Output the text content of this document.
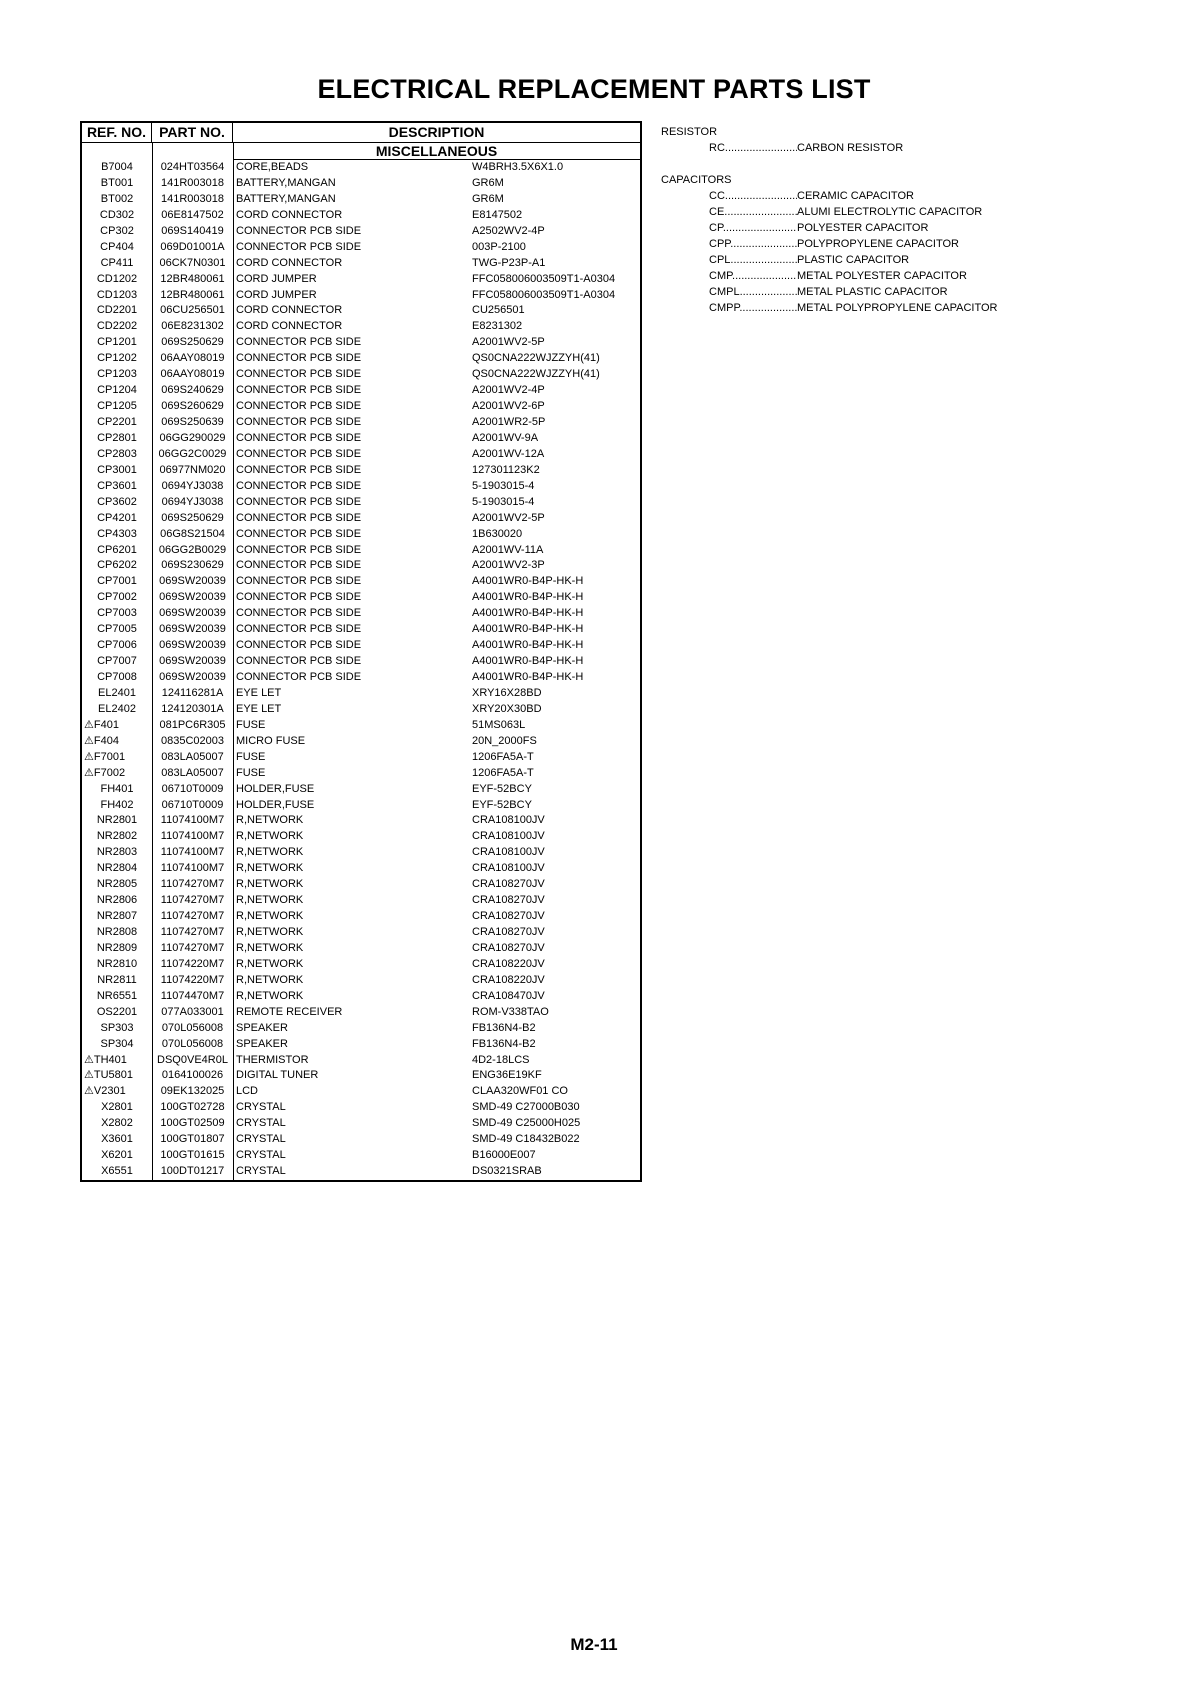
ELECTRICAL REPLACEMENT PARTS LIST
REF. NO. PART NO.	DESCRIPTION
MISCELLANEOUS
B7004	024HT03564	CORE,BEADS	W4BRH3.5X6X1.0
BT001	141R003018	BATTERY,MANGAN	GR6M
BT002	141R003018	BATTERY,MANGAN	GR6M
CD302	06E8147502	CORD CONNECTOR	E8147502
CP302	069S140419	CONNECTOR PCB SIDE	A2502WV2-4P
CP404	069D01001A	CONNECTOR PCB SIDE	003P-2100
CP411	06CK7N0301 CORD CONNECTOR	TWG-P23P-A1
CD1202	12BR480061	CORD JUMPER	FFC058006003509T1-A0304
CD1203	12BR480061	CORD JUMPER	FFC058006003509T1-A0304
CD2201	06CU256501	CORD CONNECTOR	CU256501
CD2202	06E8231302	CORD CONNECTOR	E8231302
CP1201	069S250629	CONNECTOR PCB SIDE	A2001WV2-5P
CP1202	06AAY08019	CONNECTOR PCB SIDE	QS0CNA222WJZZYH(41)
CP1203	06AAY08019	CONNECTOR PCB SIDE	QS0CNA222WJZZYH(41)
CP1204	069S240629	CONNECTOR PCB SIDE	A2001WV2-4P
CP1205	069S260629	CONNECTOR PCB SIDE	A2001WV2-6P
CP2201	069S250639	CONNECTOR PCB SIDE	A2001WR2-5P
CP2801	06GG290029 CONNECTOR PCB SIDE	A2001WV-9A
CP2803	06GG2C0029 CONNECTOR PCB SIDE	A2001WV-12A
CP3001	06977NM020 CONNECTOR PCB SIDE	127301123K2
CP3601	0694YJ3038	CONNECTOR PCB SIDE	5-1903015-4
CP3602	0694YJ3038	CONNECTOR PCB SIDE	5-1903015-4
CP4201	069S250629	CONNECTOR PCB SIDE	A2001WV2-5P
CP4303	06G8S21504	CONNECTOR PCB SIDE	1B630020
CP6201	06GG2B0029 CONNECTOR PCB SIDE	A2001WV-11A
CP6202	069S230629	CONNECTOR PCB SIDE	A2001WV2-3P
CP7001	069SW20039 CONNECTOR PCB SIDE	A4001WR0-B4P-HK-H
CP7002	069SW20039 CONNECTOR PCB SIDE	A4001WR0-B4P-HK-H
CP7003	069SW20039 CONNECTOR PCB SIDE	A4001WR0-B4P-HK-H
CP7005	069SW20039 CONNECTOR PCB SIDE	A4001WR0-B4P-HK-H
CP7006	069SW20039 CONNECTOR PCB SIDE	A4001WR0-B4P-HK-H
CP7007	069SW20039 CONNECTOR PCB SIDE	A4001WR0-B4P-HK-H
CP7008	069SW20039 CONNECTOR PCB SIDE	A4001WR0-B4P-HK-H
EL2401	124116281A	EYE LET	XRY16X28BD
EL2402	124120301A	EYE LET	XRY20X30BD
⚠F401	081PC6R305 FUSE	51MS063L
⚠F404	0835C02003	MICRO FUSE	20N_2000FS
⚠F7001	083LA05007	FUSE	1206FA5A-T
⚠F7002	083LA05007	FUSE	1206FA5A-T
FH401	06710T0009	HOLDER,FUSE	EYF-52BCY
FH402	06710T0009	HOLDER,FUSE	EYF-52BCY
NR2801	11074100M7	R,NETWORK	CRA108100JV
NR2802	11074100M7	R,NETWORK	CRA108100JV
NR2803	11074100M7	R,NETWORK	CRA108100JV
NR2804	11074100M7	R,NETWORK	CRA108100JV
NR2805	11074270M7	R,NETWORK	CRA108270JV
NR2806	11074270M7	R,NETWORK	CRA108270JV
NR2807	11074270M7	R,NETWORK	CRA108270JV
NR2808	11074270M7	R,NETWORK	CRA108270JV
NR2809	11074270M7	R,NETWORK	CRA108270JV
NR2810	11074220M7	R,NETWORK	CRA108220JV
NR2811	11074220M7	R,NETWORK	CRA108220JV
NR6551	11074470M7	R,NETWORK	CRA108470JV
OS2201	077A033001	REMOTE RECEIVER	ROM-V338TAO
SP303	070L056008	SPEAKER	FB136N4-B2
SP304	070L056008	SPEAKER	FB136N4-B2
⚠TH401	DSQ0VE4R0L THERMISTOR	4D2-18LCS
⚠TU5801	0164100026	DIGITAL TUNER	ENG36E19KF
⚠V2301	09EK132025	LCD	CLAA320WF01 CO
X2801	100GT02728	CRYSTAL	SMD-49 C27000B030
X2802	100GT02509	CRYSTAL	SMD-49 C25000H025
X3601	100GT01807	CRYSTAL	SMD-49 C18432B022
X6201	100GT01615	CRYSTAL	B16000E007
X6551	100DT01217	CRYSTAL	DS0321SRAB
RESISTOR
RC .....	CARBON RESISTOR
CAPACITORS
CC .....	CERAMIC CAPACITOR
CE .....	ALUMI ELECTROLYTIC CAPACITOR
CP .....	POLYESTER CAPACITOR
CPP .....	POLYPROPYLENE CAPACITOR
CPL .....	PLASTIC CAPACITOR
CMP .....	METAL POLYESTER CAPACITOR
CMPL .....	METAL PLASTIC CAPACITOR
CMPP .....	METAL POLYPROPYLENE CAPACITOR
M2-11
